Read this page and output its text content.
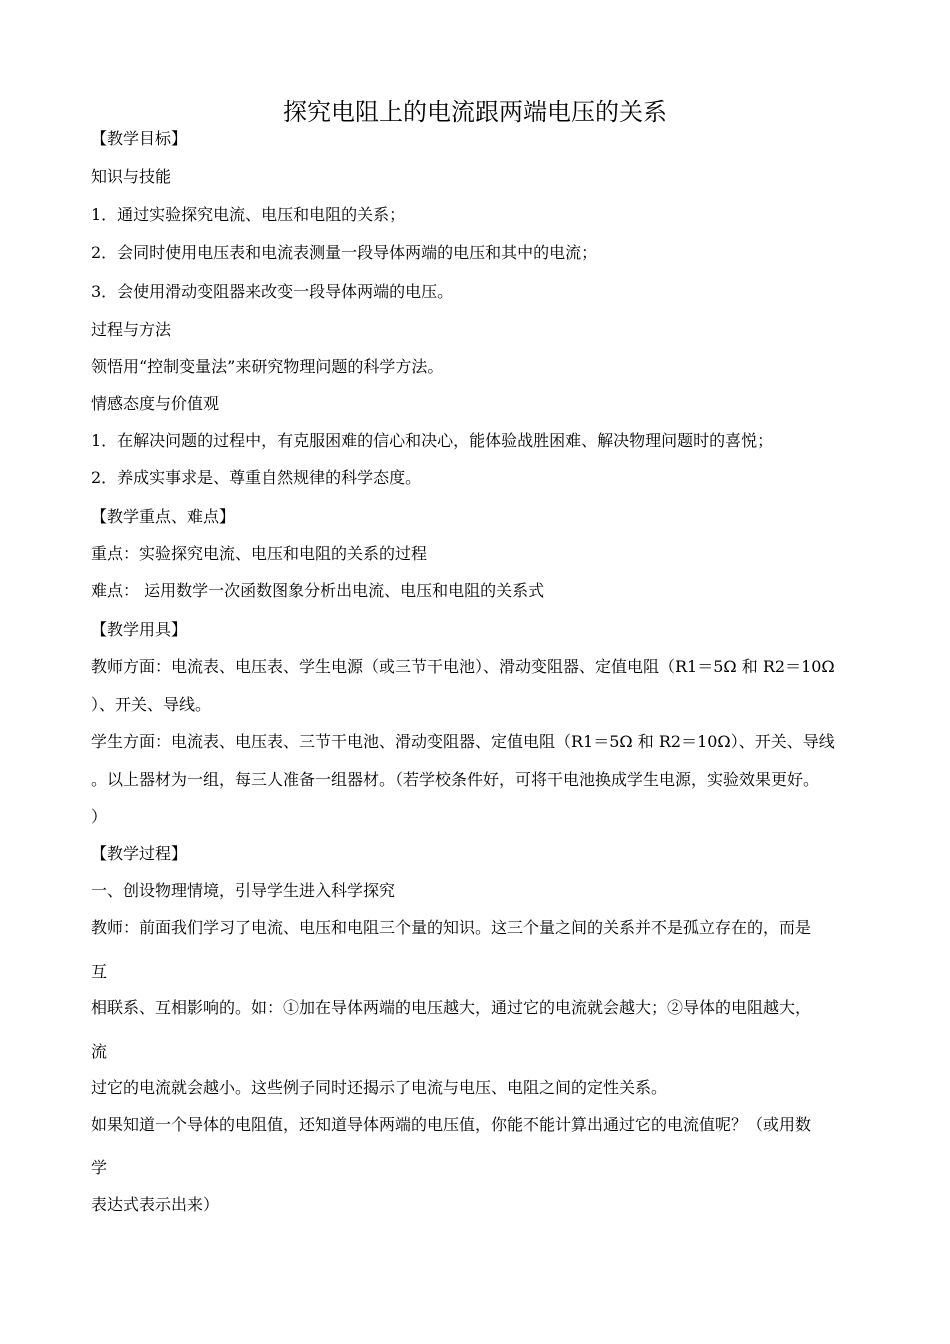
探究电阻上的电流跟两端电压的关系
【教学目标】
知识与技能
1．通过实验探究电流、电压和电阻的关系；
2．会同时使用电压表和电流表测量一段导体两端的电压和其中的电流；
3．会使用滑动变阻器来改变一段导体两端的电压。
过程与方法
领悟用“控制变量法”来研究物理问题的科学方法。
情感态度与价值观
1．在解决问题的过程中，有克服困难的信心和决心，能体验战胜困难、解决物理问题时的喜悦；
2．养成实事求是、尊重自然规律的科学态度。
【教学重点、难点】
重点：实验探究电流、电压和电阻的关系的过程
难点： 运用数学一次函数图象分析出电流、电压和电阻的关系式
【教学用具】
教师方面：电流表、电压表、学生电源（或三节干电池）、滑动变阻器、定值电阻（R1＝5Ω 和 R2＝10Ω
）、开关、导线。
学生方面：电流表、电压表、三节干电池、滑动变阻器、定值电阻（R1＝5Ω 和 R2＝10Ω）、开关、导线
。以上器材为一组，每三人准备一组器材。（若学校条件好，可将干电池换成学生电源，实验效果更好。
）
【教学过程】
一、创设物理情境，引导学生进入科学探究
教师：前面我们学习了电流、电压和电阻三个量的知识。这三个量之间的关系并不是孤立存在的，而是
互
相联系、互相影响的。如：①加在导体两端的电压越大，通过它的电流就会越大；②导体的电阻越大，
流
过它的电流就会越小。这些例子同时还揭示了电流与电压、电阻之间的定性关系。
如果知道一个导体的电阻值，还知道导体两端的电压值，你能不能计算出通过它的电流值呢？（或用数
学
表达式表示出来）
